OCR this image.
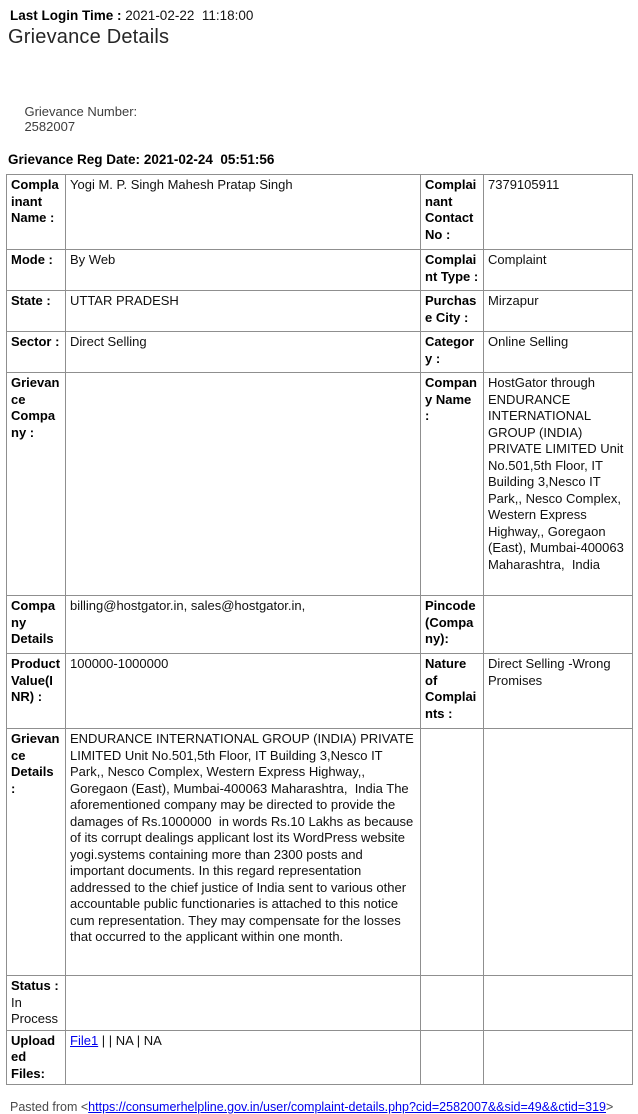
Last Login Time : 2021-02-22  11:18:00
Grievance Details

Grievance Number:
2582007

Grievance Reg Date: 2021-02-24  05:51:56
Complainant Name :	Yogi M. P. Singh Mahesh Pratap Singh	Complainant Contact No :	7379105911
Mode :	By Web	Complaint Type :	Complaint
State :	UTTAR PRADESH	Purchase City :	Mirzapur
Sector :	Direct Selling	Category :	Online Selling
Grievance Company :		Company Name :	HostGator through ENDURANCE INTERNATIONAL GROUP (INDIA) PRIVATE LIMITED Unit No.501,5th Floor, IT Building 3,Nesco IT Park,, Nesco Complex, Western Express Highway,, Goregaon (East), Mumbai-400063 Maharashtra,  India
Company Details	billing@hostgator.in, sales@hostgator.in,	Pincode (Company):	
Product Value(INR) :	100000-1000000	Nature of Complaints :	Direct Selling -Wrong Promises
Grievance Details :	ENDURANCE INTERNATIONAL GROUP (INDIA) PRIVATE LIMITED Unit No.501,5th Floor, IT Building 3,Nesco IT Park,, Nesco Complex, Western Express Highway,, Goregaon (East), Mumbai-400063 Maharashtra,  India The aforementioned company may be directed to provide the damages of Rs.1000000  in words Rs.10 Lakhs as because of its corrupt dealings applicant lost its WordPress website yogi.systems containing more than 2300 posts and important documents. In this regard representation addressed to the chief justice of India sent to various other accountable public functionaries is attached to this notice cum representation. They may compensate for the losses that occurred to the applicant within one month.		
Status :
In Process			

Uploaded Files:	File1 | | NA | NA		
Pasted from <https://consumerhelpline.gov.in/user/complaint-details.php?cid=2582007&&sid=49&&ctid=319>
